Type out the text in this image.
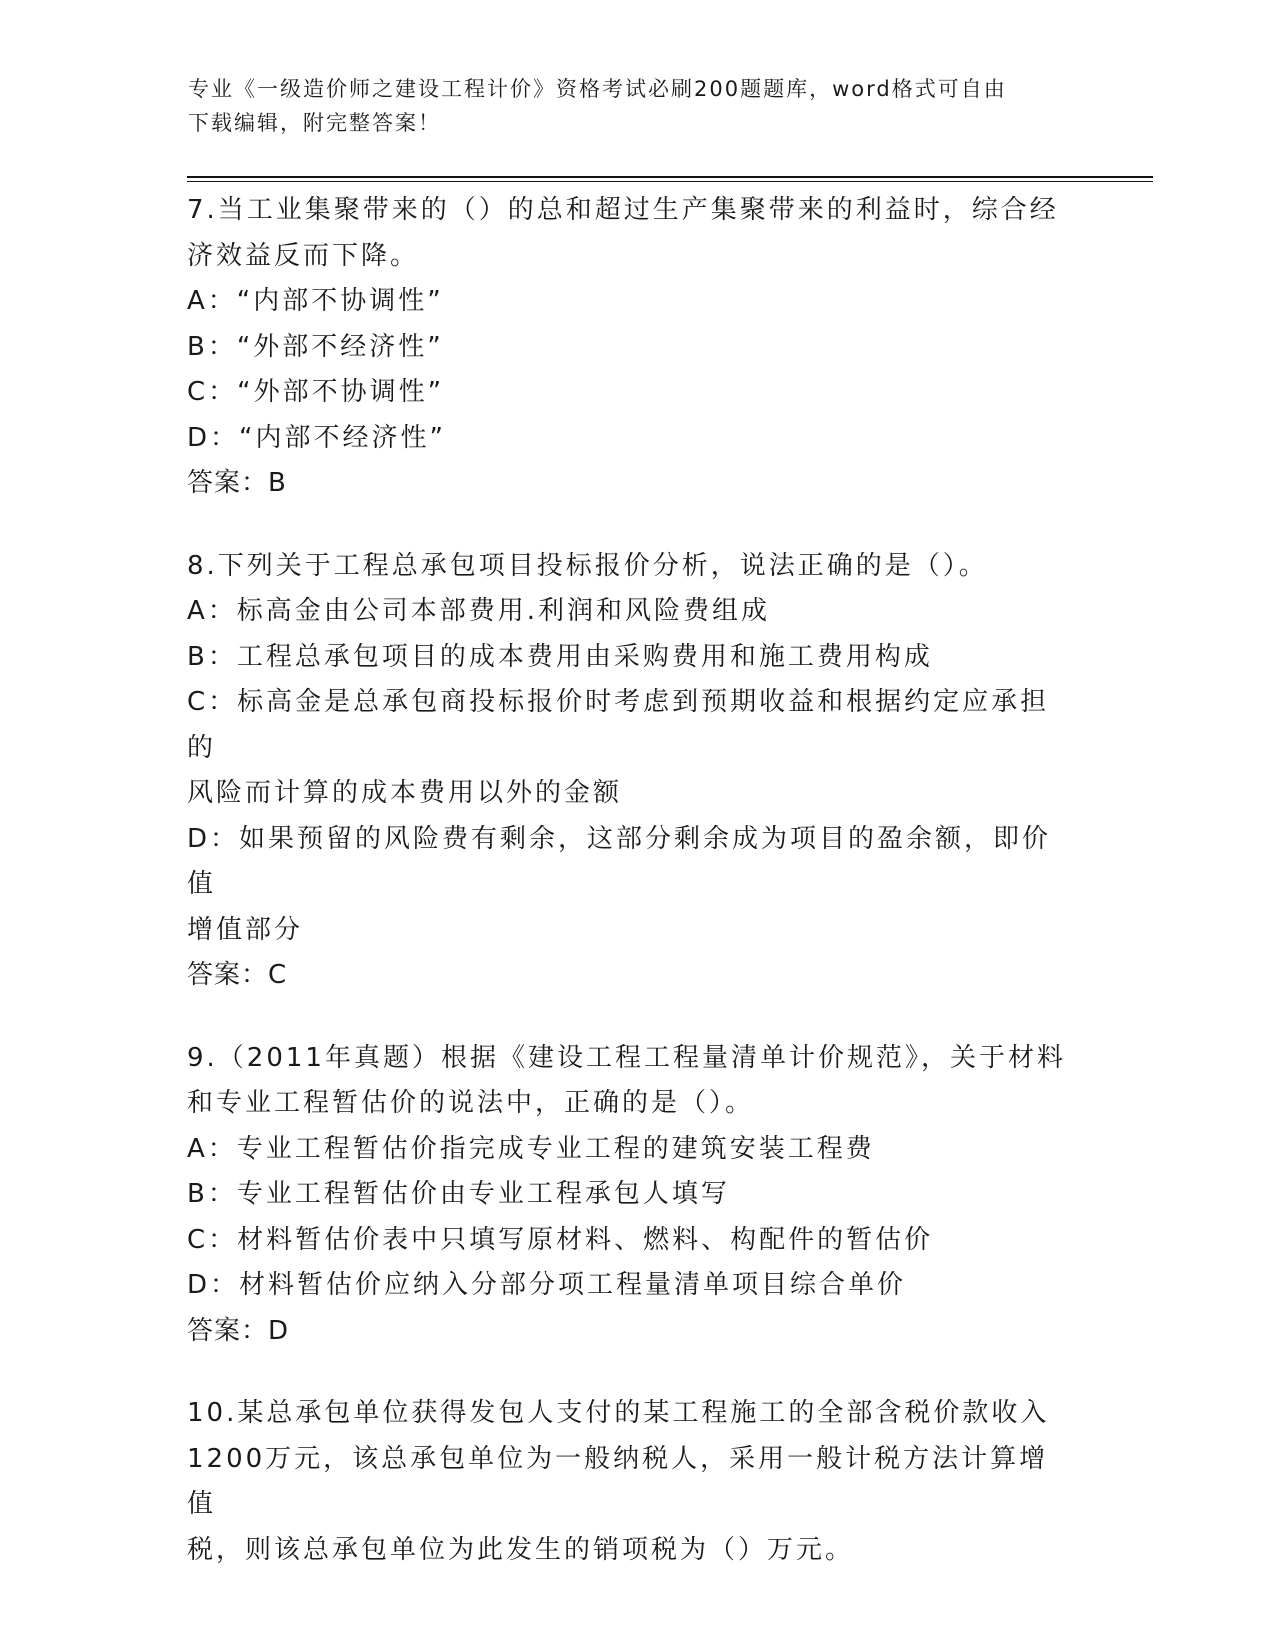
专业《一级造价师之建设工程计价》资格考试必刷200题题库，word格式可自由
下载编辑，附完整答案！
7.当工业集聚带来的（）的总和超过生产集聚带来的利益时，综合经
济效益反而下降。
A：“内部不协调性”
B：“外部不经济性”
C：“外部不协调性”
D：“内部不经济性”
答案：B
8.下列关于工程总承包项目投标报价分析，说法正确的是（）。
A：标高金由公司本部费用.利润和风险费组成
B：工程总承包项目的成本费用由采购费用和施工费用构成
C：标高金是总承包商投标报价时考虑到预期收益和根据约定应承担的
风险而计算的成本费用以外的金额
D：如果预留的风险费有剩余，这部分剩余成为项目的盈余额，即价值
增值部分
答案：C
9.（2011年真题）根据《建设工程工程量清单计价规范》，关于材料
和专业工程暂估价的说法中，正确的是（）。
A：专业工程暂估价指完成专业工程的建筑安装工程费
B：专业工程暂估价由专业工程承包人填写
C：材料暂估价表中只填写原材料、燃料、构配件的暂估价
D：材料暂估价应纳入分部分项工程量清单项目综合单价
答案：D
10.某总承包单位获得发包人支付的某工程施工的全部含税价款收入
1200万元，该总承包单位为一般纳税人，采用一般计税方法计算增值
税，则该总承包单位为此发生的销项税为（）万元。
